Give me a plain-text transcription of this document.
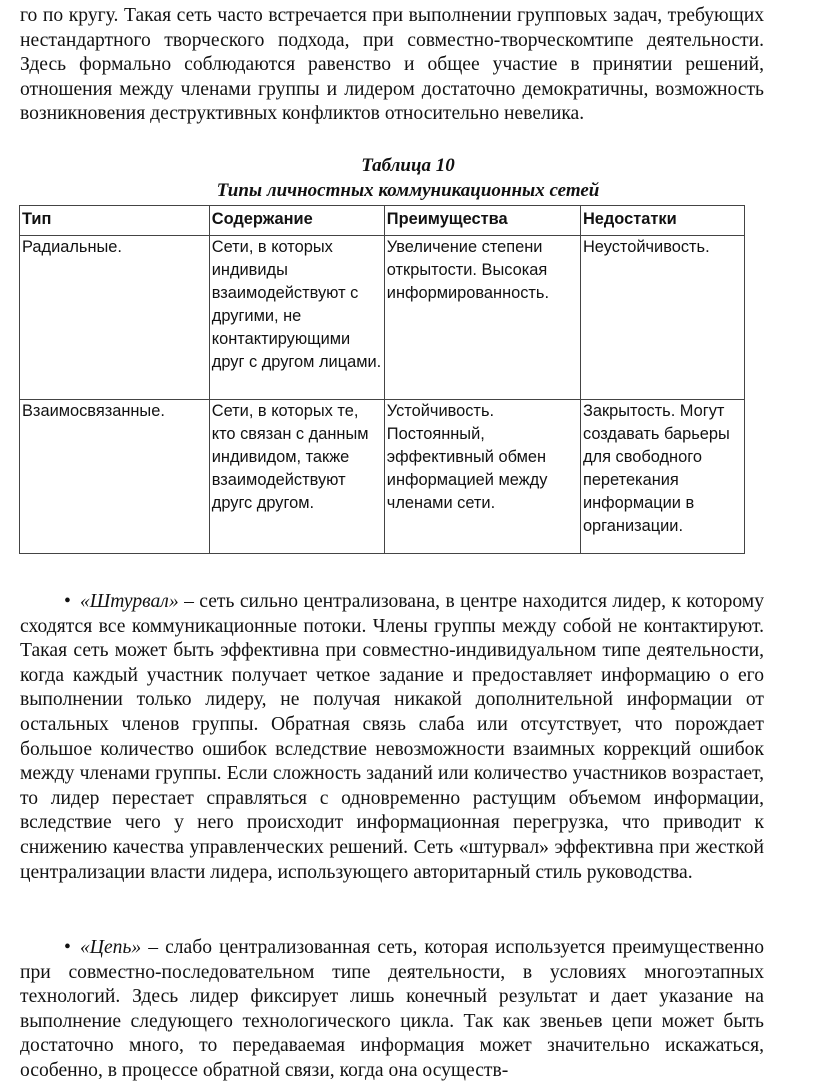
го по кругу. Такая сеть часто встречается при выполнении групповых задач, требующих нестандартного творческого подхода, при совместно-творческомтипе деятельности. Здесь формально соблюдаются равенство и общее участие в принятии решений, отношения между членами группы и лидером достаточно демократичны, возможность возникновения деструктивных конфликтов относительно невелика.

Таблица 10
Типы личностных коммуникационных сетей
Тип	Содержание	Преимущества	Недостатки
Радиальные.	Сети, в которых индивиды взаимодействуют с другими, не контактирующими друг с другом лицами.	Увеличение степени открытости. Высокая информированность.	Неустойчивость.
Взаимосвязанные.	Сети, в которых те, кто связан с данным индивидом, также взаимодействуют другс другом.	Устойчивость. Постоянный, эффективный обмен информацией между членами сети.	Закрытость. Могут создавать барьеры для свободного перетекания информации в организации.

• «Штурвал» – сеть сильно централизована, в центре находится лидер, к которому сходятся все коммуникационные потоки. Члены группы между собой не контактируют. Такая сеть может быть эффективна при совместно-индивидуальном типе деятельности, когда каждый участник получает четкое задание и предоставляет информацию о его выполнении только лидеру, не получая никакой дополнительной информации от остальных членов группы. Обратная связь слаба или отсутствует, что порождает большое количество ошибок вследствие невозможности взаимных коррекций ошибок между членами группы. Если сложность заданий или количество участников возрастает, то лидер перестает справляться с одновременно растущим объемом информации, вследствие чего у него происходит информационная перегрузка, что приводит к снижению качества управленческих решений. Сеть «штурвал» эффективна при жесткой централизации власти лидера, использующего авторитарный стиль руководства.

• «Цепь» – слабо централизованная сеть, которая используется преимущественно при совместно-последовательном типе деятельности, в условиях многоэтапных технологий. Здесь лидер фиксирует лишь конечный результат и дает указание на выполнение следующего технологического цикла. Так как звеньев цепи может быть достаточно много, то передаваемая информация может значительно искажаться, особенно, в процессе обратной связи, когда она осуществ-
